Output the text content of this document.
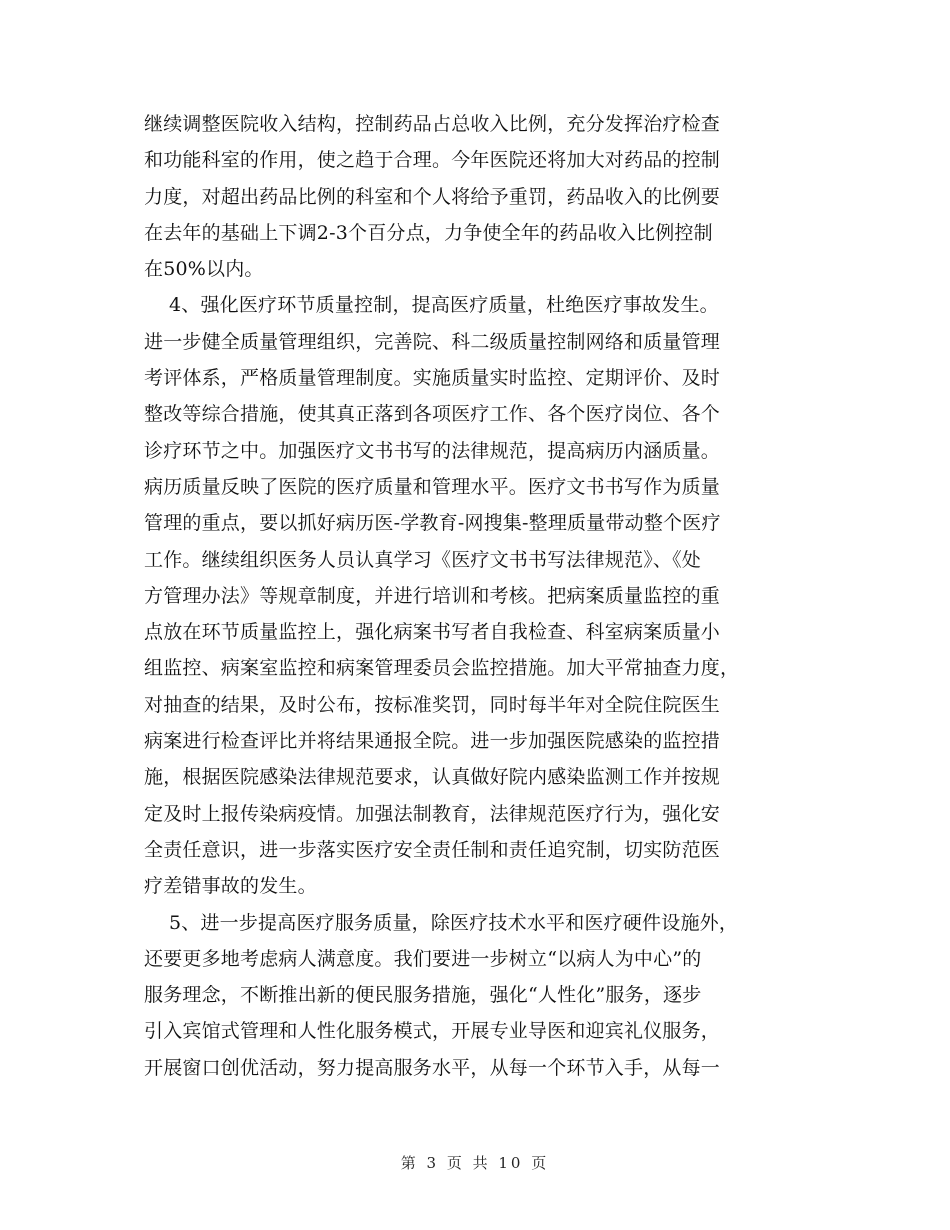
继续调整医院收入结构，控制药品占总收入比例，充分发挥治疗检查
和功能科室的作用，使之趋于合理。今年医院还将加大对药品的控制
力度，对超出药品比例的科室和个人将给予重罚，药品收入的比例要
在去年的基础上下调2-3个百分点，力争使全年的药品收入比例控制
在50%以内。
4、强化医疗环节质量控制，提高医疗质量，杜绝医疗事故发生。
进一步健全质量管理组织，完善院、科二级质量控制网络和质量管理
考评体系，严格质量管理制度。实施质量实时监控、定期评价、及时
整改等综合措施，使其真正落到各项医疗工作、各个医疗岗位、各个
诊疗环节之中。加强医疗文书书写的法律规范，提高病历内涵质量。
病历质量反映了医院的医疗质量和管理水平。医疗文书书写作为质量
管理的重点，要以抓好病历医-学教育-网搜集-整理质量带动整个医疗
工作。继续组织医务人员认真学习《医疗文书书写法律规范》、《处
方管理办法》等规章制度，并进行培训和考核。把病案质量监控的重
点放在环节质量监控上，强化病案书写者自我检查、科室病案质量小
组监控、病案室监控和病案管理委员会监控措施。加大平常抽查力度，
对抽查的结果，及时公布，按标准奖罚，同时每半年对全院住院医生
病案进行检查评比并将结果通报全院。进一步加强医院感染的监控措
施，根据医院感染法律规范要求，认真做好院内感染监测工作并按规
定及时上报传染病疫情。加强法制教育，法律规范医疗行为，强化安
全责任意识，进一步落实医疗安全责任制和责任追究制，切实防范医
疗差错事故的发生。
5、进一步提高医疗服务质量，除医疗技术水平和医疗硬件设施外，
还要更多地考虑病人满意度。我们要进一步树立“以病人为中心”的
服务理念，不断推出新的便民服务措施，强化“人性化”服务，逐步
引入宾馆式管理和人性化服务模式，开展专业导医和迎宾礼仪服务，
开展窗口创优活动，努力提高服务水平，从每一个环节入手，从每一
第 3 页 共 10 页
